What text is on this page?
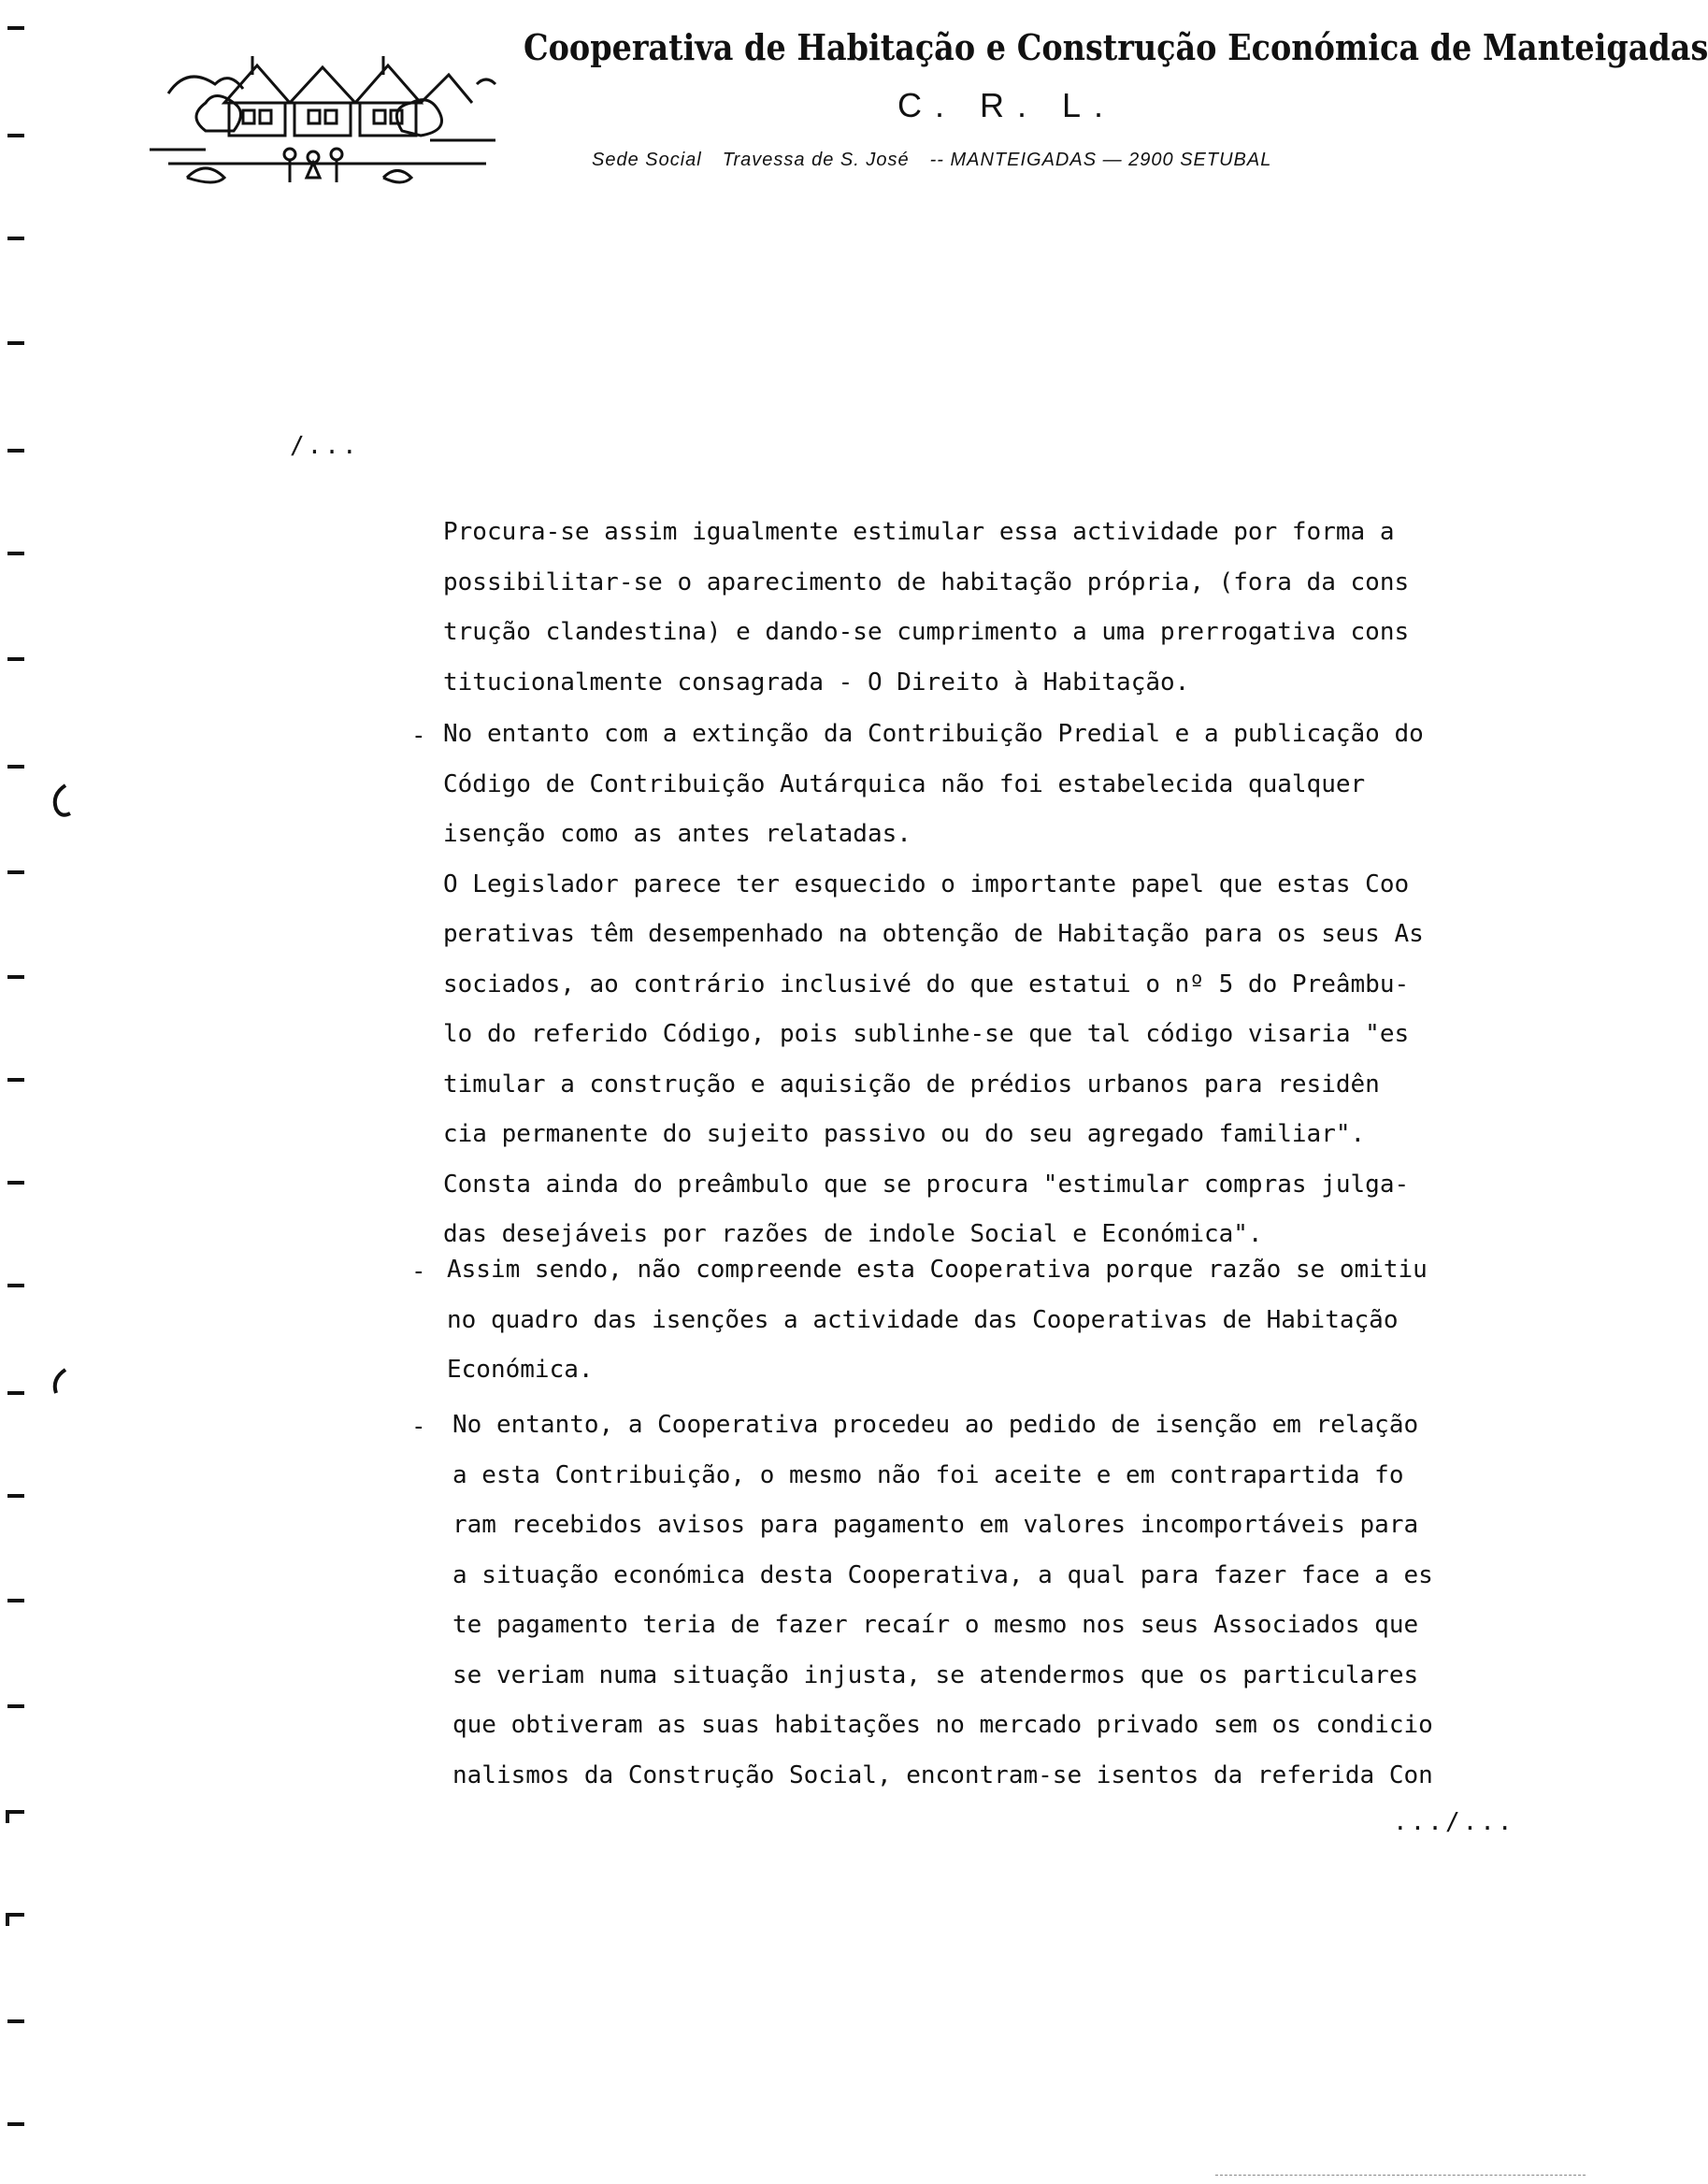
Cooperativa de Habitação e Construção Económica de Manteigadas
C. R. L.
Sede Social Travessa de S. José -- MANTEIGADAS — 2900 SETUBAL
/...
Procura-se assim igualmente estimular essa actividade por forma a
possibilitar-se o aparecimento de habitação própria, (fora da cons
trução clandestina) e dando-se cumprimento a uma prerrogativa cons
titucionalmente consagrada - O Direito à Habitação.
- No entanto com a extinção da Contribuição Predial e a publicação do
Código de Contribuição Autárquica não foi estabelecida qualquer
isenção como as antes relatadas.
O Legislador parece ter esquecido o importante papel que estas Coo
perativas têm desempenhado na obtenção de Habitação para os seus As
sociados, ao contrário inclusivé do que estatui o nº 5 do Preâmbu-
lo do referido Código, pois sublinhe-se que tal código visaria "es
timular a construção e aquisição de prédios urbanos para residên
cia permanente do sujeito passivo ou do seu agregado familiar".
Consta ainda do preâmbulo que se procura "estimular compras julga-
das desejáveis por razões de indole Social e Económica".
- Assim sendo, não compreende esta Cooperativa porque razão se omitiu
no quadro das isenções a actividade das Cooperativas de Habitação
Económica.
- No entanto, a Cooperativa procedeu ao pedido de isenção em relação
a esta Contribuição, o mesmo não foi aceite e em contrapartida fo
ram recebidos avisos para pagamento em valores incomportáveis para
a situação económica desta Cooperativa, a qual para fazer face a es
te pagamento teria de fazer recaír o mesmo nos seus Associados que
se veriam numa situação injusta, se atendermos que os particulares
que obtiveram as suas habitações no mercado privado sem os condicio
nalismos da Construção Social, encontram-se isentos da referida Con
.../...
